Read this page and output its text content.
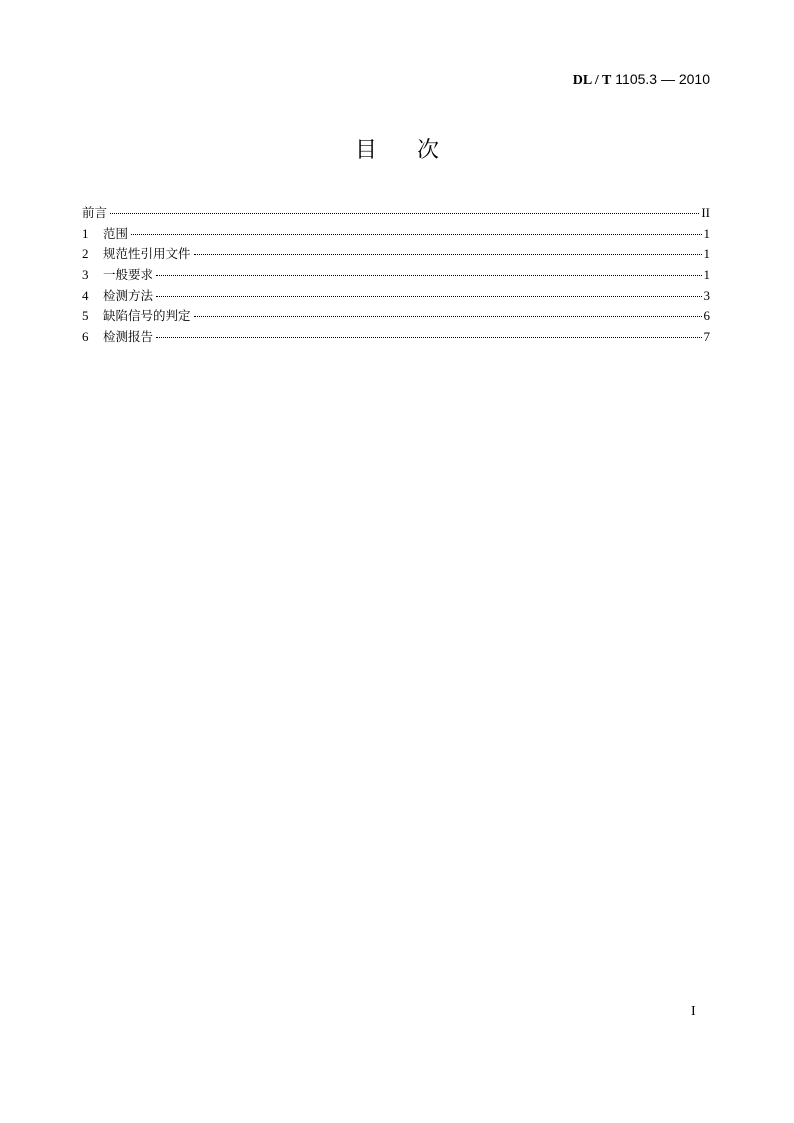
DL / T 1105.3 — 2010
目次
前言	II
1	范围	1
2	规范性引用文件	1
3	一般要求	1
4	检测方法	3
5	缺陷信号的判定	6
6	检测报告	7
I
